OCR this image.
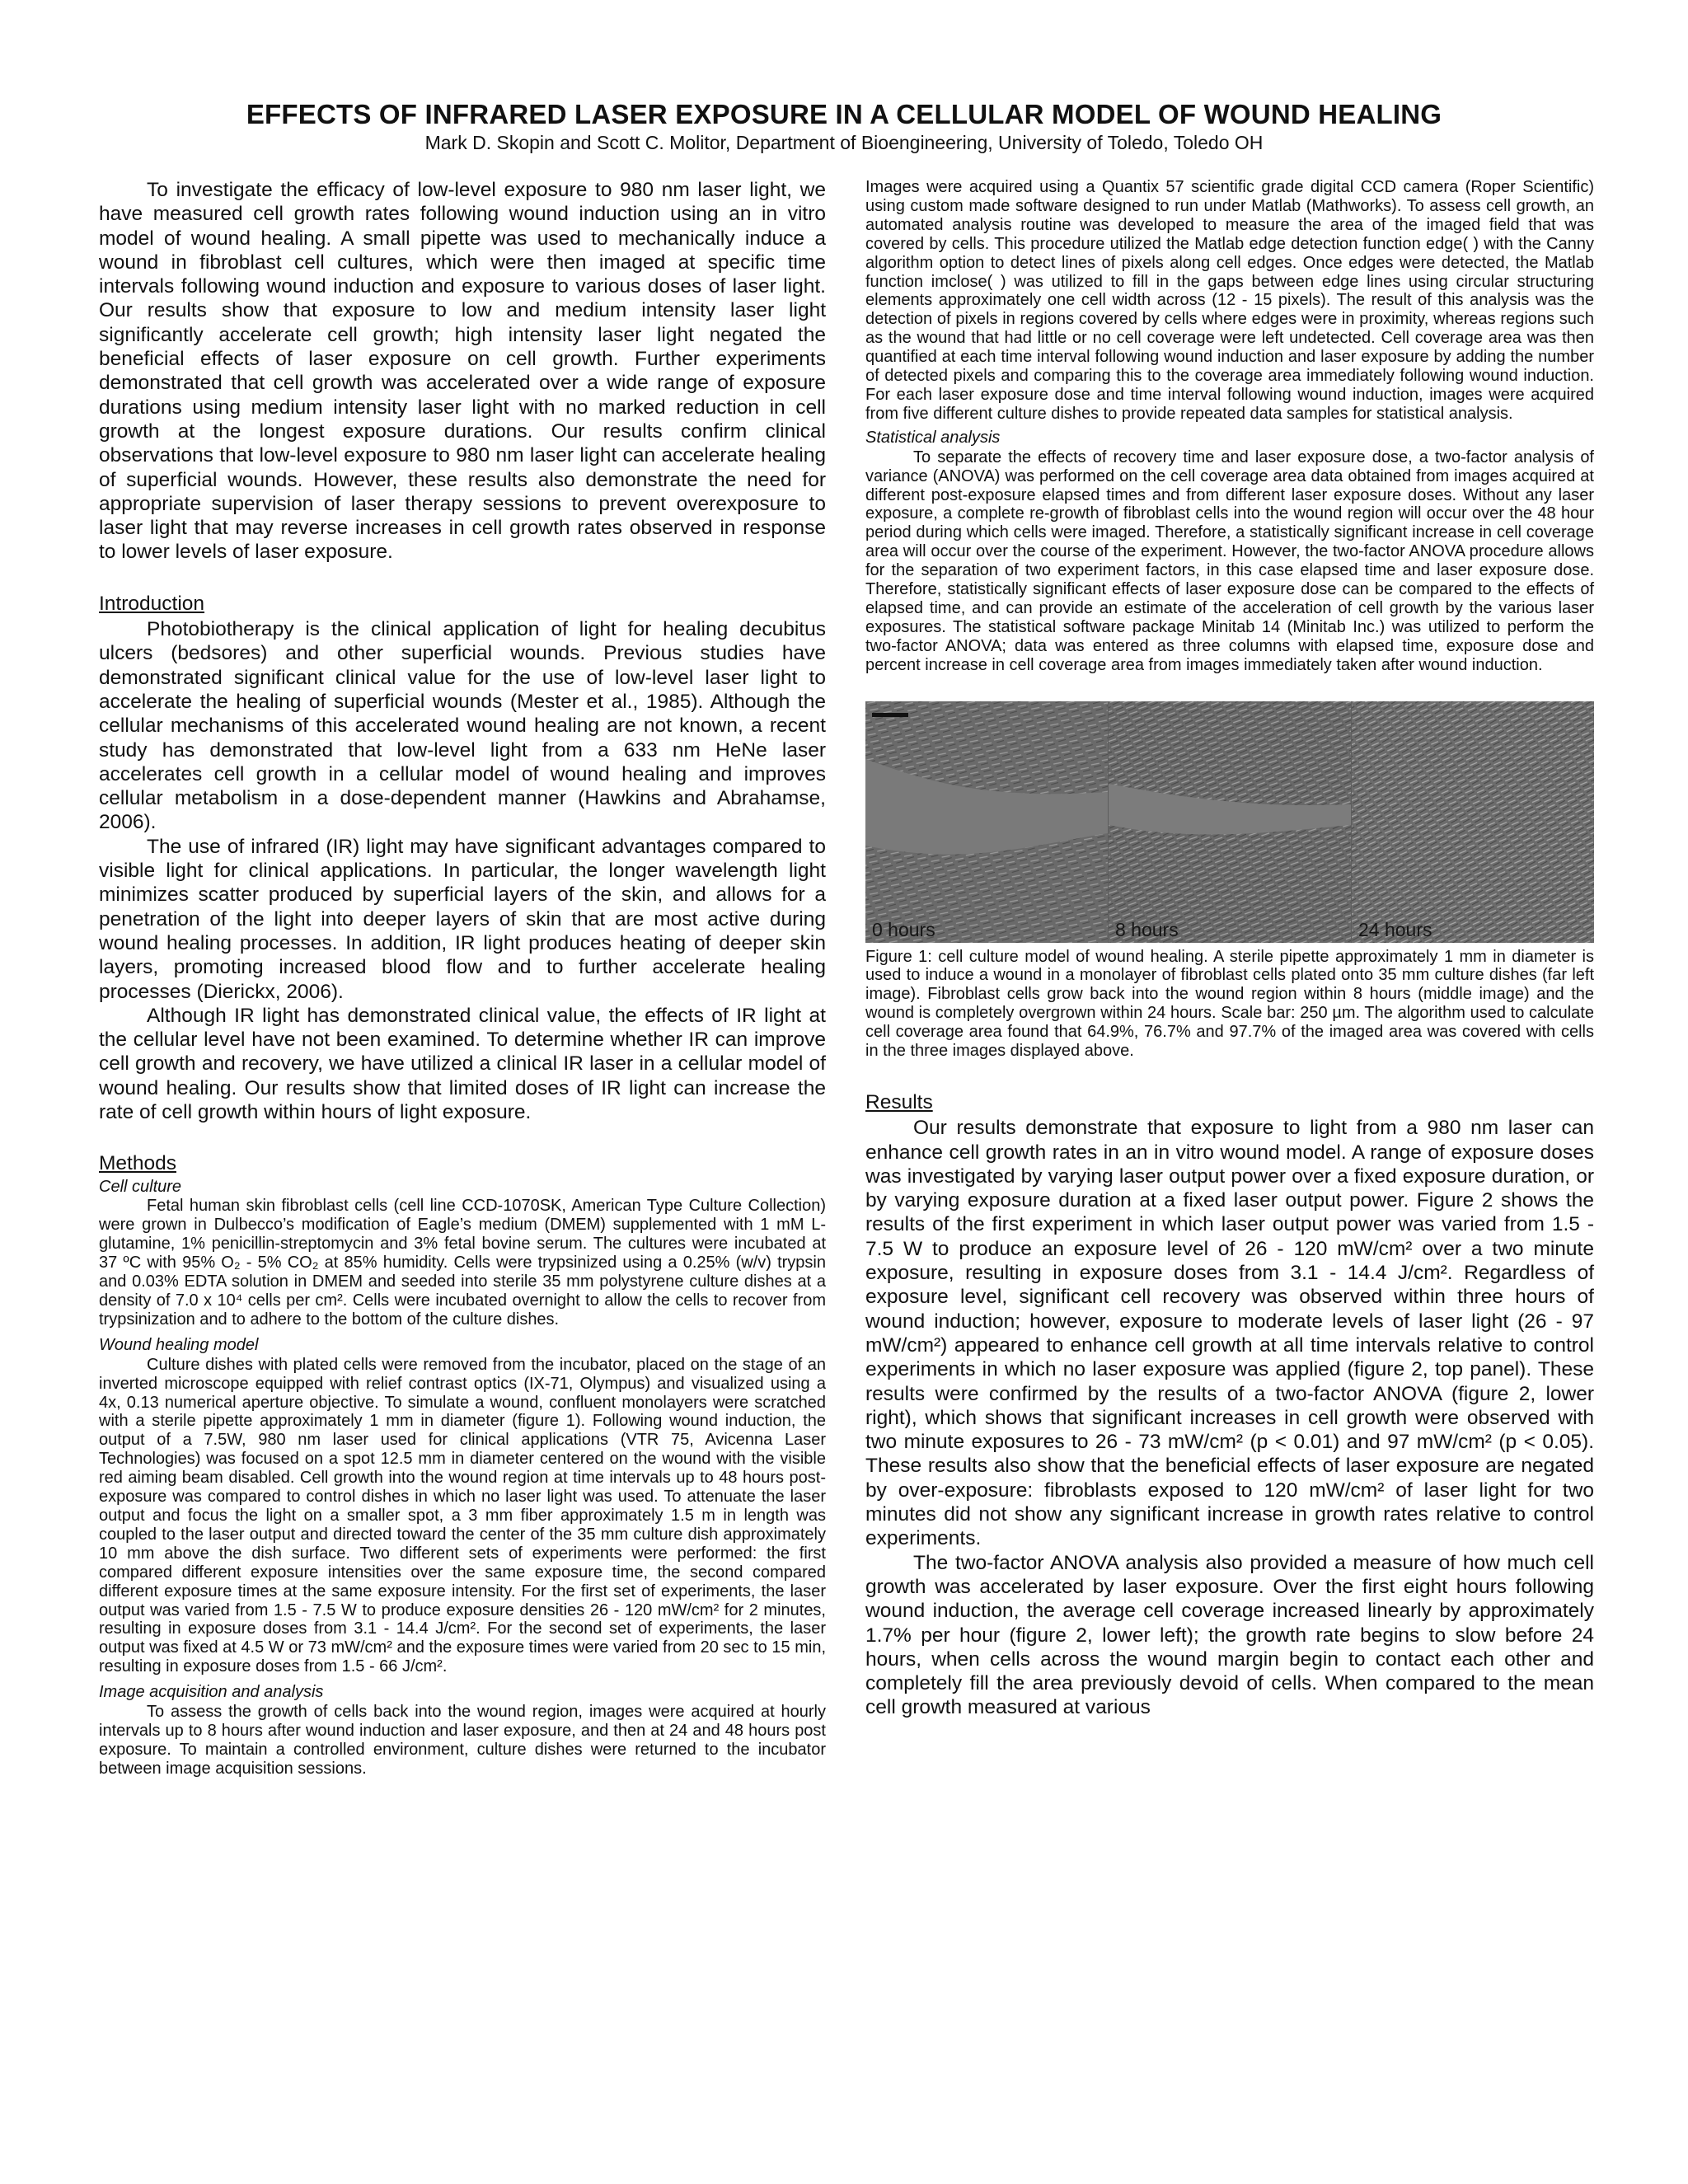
EFFECTS OF INFRARED LASER EXPOSURE IN A CELLULAR MODEL OF WOUND HEALING
Mark D. Skopin and Scott C. Molitor, Department of Bioengineering, University of Toledo, Toledo OH

To investigate the efficacy of low-level exposure to 980 nm laser light, we have measured cell growth rates following wound induction using an in vitro model of wound healing. A small pipette was used to mechanically induce a wound in fibroblast cell cultures, which were then imaged at specific time intervals following wound induction and exposure to various doses of laser light. Our results show that exposure to low and medium intensity laser light significantly accelerate cell growth; high intensity laser light negated the beneficial effects of laser exposure on cell growth. Further experiments demonstrated that cell growth was accelerated over a wide range of exposure durations using medium intensity laser light with no marked reduction in cell growth at the longest exposure durations. Our results confirm clinical observations that low-level exposure to 980 nm laser light can accelerate healing of superficial wounds. However, these results also demonstrate the need for appropriate supervision of laser therapy sessions to prevent overexposure to laser light that may reverse increases in cell growth rates observed in response to lower levels of laser exposure.

Introduction

Photobiotherapy is the clinical application of light for healing decubitus ulcers (bedsores) and other superficial wounds. Previous studies have demonstrated significant clinical value for the use of low-level laser light to accelerate the healing of superficial wounds (Mester et al., 1985). Although the cellular mechanisms of this accelerated wound healing are not known, a recent study has demonstrated that low-level light from a 633 nm HeNe laser accelerates cell growth in a cellular model of wound healing and improves cellular metabolism in a dose-dependent manner (Hawkins and Abrahamse, 2006).

The use of infrared (IR) light may have significant advantages compared to visible light for clinical applications. In particular, the longer wavelength light minimizes scatter produced by superficial layers of the skin, and allows for a penetration of the light into deeper layers of skin that are most active during wound healing processes. In addition, IR light produces heating of deeper skin layers, promoting increased blood flow and to further accelerate healing processes (Dierickx, 2006).

Although IR light has demonstrated clinical value, the effects of IR light at the cellular level have not been examined. To determine whether IR can improve cell growth and recovery, we have utilized a clinical IR laser in a cellular model of wound healing. Our results show that limited doses of IR light can increase the rate of cell growth within hours of light exposure.

Methods
Cell culture

Fetal human skin fibroblast cells (cell line CCD-1070SK, American Type Culture Collection) were grown in Dulbecco’s modification of Eagle’s medium (DMEM) supplemented with 1 mM L-glutamine, 1% penicillin-streptomycin and 3% fetal bovine serum. The cultures were incubated at 37 ºC with 95% O₂ - 5% CO₂ at 85% humidity. Cells were trypsinized using a 0.25% (w/v) trypsin and 0.03% EDTA solution in DMEM and seeded into sterile 35 mm polystyrene culture dishes at a density of 7.0 x 10⁴ cells per cm². Cells were incubated overnight to allow the cells to recover from trypsinization and to adhere to the bottom of the culture dishes.

Wound healing model

Culture dishes with plated cells were removed from the incubator, placed on the stage of an inverted microscope equipped with relief contrast optics (IX-71, Olympus) and visualized using a 4x, 0.13 numerical aperture objective. To simulate a wound, confluent monolayers were scratched with a sterile pipette approximately 1 mm in diameter (figure 1). Following wound induction, the output of a 7.5W, 980 nm laser used for clinical applications (VTR 75, Avicenna Laser Technologies) was focused on a spot 12.5 mm in diameter centered on the wound with the visible red aiming beam disabled. Cell growth into the wound region at time intervals up to 48 hours post-exposure was compared to control dishes in which no laser light was used. To attenuate the laser output and focus the light on a smaller spot, a 3 mm fiber approximately 1.5 m in length was coupled to the laser output and directed toward the center of the 35 mm culture dish approximately 10 mm above the dish surface. Two different sets of experiments were performed: the first compared different exposure intensities over the same exposure time, the second compared different exposure times at the same exposure intensity. For the first set of experiments, the laser output was varied from 1.5 - 7.5 W to produce exposure densities 26 - 120 mW/cm² for 2 minutes, resulting in exposure doses from 3.1 - 14.4 J/cm². For the second set of experiments, the laser output was fixed at 4.5 W or 73 mW/cm² and the exposure times were varied from 20 sec to 15 min, resulting in exposure doses from 1.5 - 66 J/cm².

Image acquisition and analysis

To assess the growth of cells back into the wound region, images were acquired at hourly intervals up to 8 hours after wound induction and laser exposure, and then at 24 and 48 hours post exposure. To maintain a controlled environment, culture dishes were returned to the incubator between image acquisition sessions.

Images were acquired using a Quantix 57 scientific grade digital CCD camera (Roper Scientific) using custom made software designed to run under Matlab (Mathworks). To assess cell growth, an automated analysis routine was developed to measure the area of the imaged field that was covered by cells. This procedure utilized the Matlab edge detection function edge( ) with the Canny algorithm option to detect lines of pixels along cell edges. Once edges were detected, the Matlab function imclose( ) was utilized to fill in the gaps between edge lines using circular structuring elements approximately one cell width across (12 - 15 pixels). The result of this analysis was the detection of pixels in regions covered by cells where edges were in proximity, whereas regions such as the wound that had little or no cell coverage were left undetected. Cell coverage area was then quantified at each time interval following wound induction and laser exposure by adding the number of detected pixels and comparing this to the coverage area immediately following wound induction. For each laser exposure dose and time interval following wound induction, images were acquired from five different culture dishes to provide repeated data samples for statistical analysis.

Statistical analysis

To separate the effects of recovery time and laser exposure dose, a two-factor analysis of variance (ANOVA) was performed on the cell coverage area data obtained from images acquired at different post-exposure elapsed times and from different laser exposure doses. Without any laser exposure, a complete re-growth of fibroblast cells into the wound region will occur over the 48 hour period during which cells were imaged. Therefore, a statistically significant increase in cell coverage area will occur over the course of the experiment. However, the two-factor ANOVA procedure allows for the separation of two experiment factors, in this case elapsed time and laser exposure dose. Therefore, statistically significant effects of laser exposure dose can be compared to the effects of elapsed time, and can provide an estimate of the acceleration of cell growth by the various laser exposures. The statistical software package Minitab 14 (Minitab Inc.) was utilized to perform the two-factor ANOVA; data was entered as three columns with elapsed time, exposure dose and percent increase in cell coverage area from images immediately taken after wound induction.

0 hours	8 hours	24 hours

Figure 1: cell culture model of wound healing. A sterile pipette approximately 1 mm in diameter is used to induce a wound in a monolayer of fibroblast cells plated onto 35 mm culture dishes (far left image). Fibroblast cells grow back into the wound region within 8 hours (middle image) and the wound is completely overgrown within 24 hours. Scale bar: 250 µm. The algorithm used to calculate cell coverage area found that 64.9%, 76.7% and 97.7% of the imaged area was covered with cells in the three images displayed above.

Results

Our results demonstrate that exposure to light from a 980 nm laser can enhance cell growth rates in an in vitro wound model. A range of exposure doses was investigated by varying laser output power over a fixed exposure duration, or by varying exposure duration at a fixed laser output power. Figure 2 shows the results of the first experiment in which laser output power was varied from 1.5 - 7.5 W to produce an exposure level of 26 - 120 mW/cm² over a two minute exposure, resulting in exposure doses from 3.1 - 14.4 J/cm². Regardless of exposure level, significant cell recovery was observed within three hours of wound induction; however, exposure to moderate levels of laser light (26 - 97 mW/cm²) appeared to enhance cell growth at all time intervals relative to control experiments in which no laser exposure was applied (figure 2, top panel). These results were confirmed by the results of a two-factor ANOVA (figure 2, lower right), which shows that significant increases in cell growth were observed with two minute exposures to 26 - 73 mW/cm² (p < 0.01) and 97 mW/cm² (p < 0.05). These results also show that the beneficial effects of laser exposure are negated by over-exposure: fibroblasts exposed to 120 mW/cm² of laser light for two minutes did not show any significant increase in growth rates relative to control experiments.

The two-factor ANOVA analysis also provided a measure of how much cell growth was accelerated by laser exposure. Over the first eight hours following wound induction, the average cell coverage increased linearly by approximately 1.7% per hour (figure 2, lower left); the growth rate begins to slow before 24 hours, when cells across the wound margin begin to contact each other and completely fill the area previously devoid of cells. When compared to the mean cell growth measured at various
